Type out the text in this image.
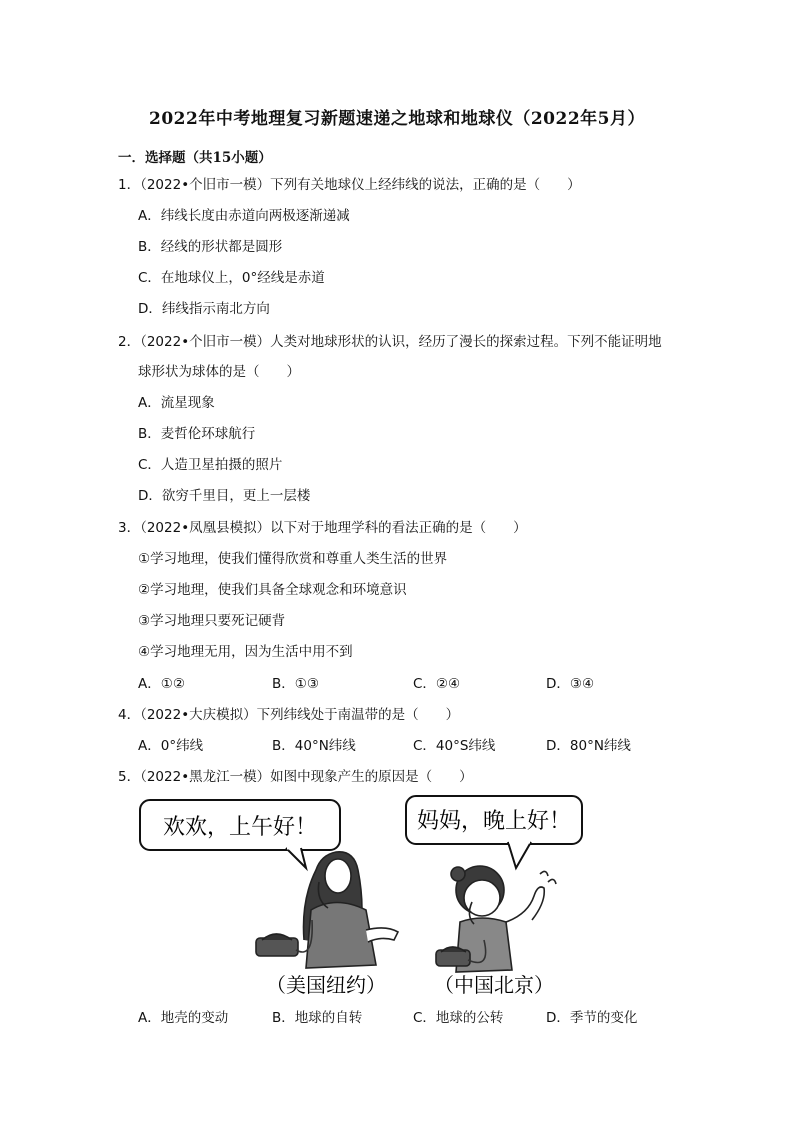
2022年中考地理复习新题速递之地球和地球仪（2022年5月）
一．选择题（共15小题）
1．（2022•个旧市一模）下列有关地球仪上经纬线的说法，正确的是（　　）
A．纬线长度由赤道向两极逐渐递减
B．经线的形状都是圆形
C．在地球仪上，0°经线是赤道
D．纬线指示南北方向
2．（2022•个旧市一模）人类对地球形状的认识，经历了漫长的探索过程。下列不能证明地
球形状为球体的是（　　）
A．流星现象
B．麦哲伦环球航行
C．人造卫星拍摄的照片
D．欲穷千里目，更上一层楼
3．（2022•凤凰县模拟）以下对于地理学科的看法正确的是（　　）
①学习地理，使我们懂得欣赏和尊重人类生活的世界
②学习地理，使我们具备全球观念和环境意识
③学习地理只要死记硬背
④学习地理无用，因为生活中用不到
A．①②	B．①③	C．②④	D．③④
4．（2022•大庆模拟）下列纬线处于南温带的是（　　）
A．0°纬线	B．40°N纬线	C．40°S纬线	D．80°N纬线
5．（2022•黑龙江一模）如图中现象产生的原因是（　　）
欢欢，上午好！	妈妈，晚上好！
（美国纽约） （中国北京）
A．地壳的变动	B．地球的自转	C．地球的公转	D．季节的变化
